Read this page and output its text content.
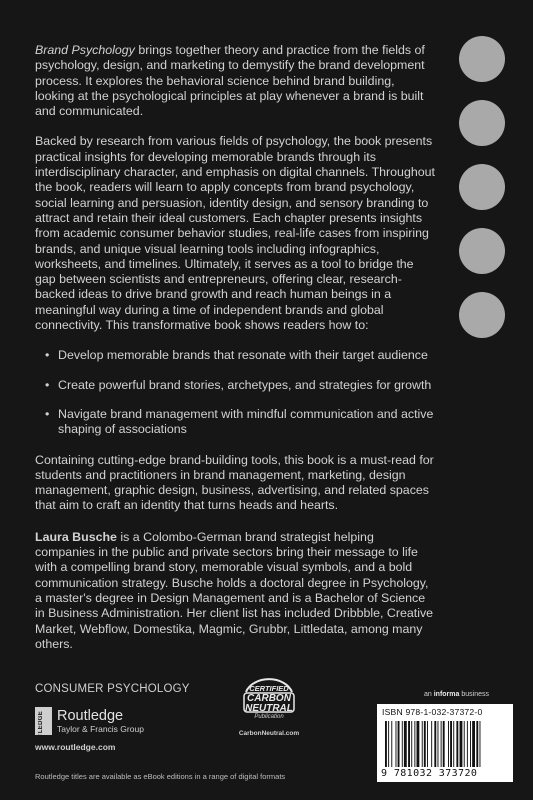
Brand Psychology brings together theory and practice from the fields of psychology, design, and marketing to demystify the brand development process. It explores the behavioral science behind brand building, looking at the psychological principles at play whenever a brand is built and communicated.

Backed by research from various fields of psychology, the book presents practical insights for developing memorable brands through its interdisciplinary character, and emphasis on digital channels. Throughout the book, readers will learn to apply concepts from brand psychology, social learning and persuasion, identity design, and sensory branding to attract and retain their ideal customers. Each chapter presents insights from academic consumer behavior studies, real-life cases from inspiring brands, and unique visual learning tools including infographics, worksheets, and timelines. Ultimately, it serves as a tool to bridge the gap between scientists and entrepreneurs, offering clear, research-backed ideas to drive brand growth and reach human beings in a meaningful way during a time of independent brands and global connectivity. This transformative book shows readers how to:

• Develop memorable brands that resonate with their target audience
• Create powerful brand stories, archetypes, and strategies for growth
• Navigate brand management with mindful communication and active shaping of associations

Containing cutting-edge brand-building tools, this book is a must-read for students and practitioners in brand management, marketing, design management, graphic design, business, advertising, and related spaces that aim to craft an identity that turns heads and hearts.

Laura Busche is a Colombo-German brand strategist helping companies in the public and private sectors bring their message to life with a compelling brand story, memorable visual symbols, and a bold communication strategy. Busche holds a doctoral degree in Psychology, a master's degree in Design Management and is a Bachelor of Science in Business Administration. Her client list has included Dribbble, Creative Market, Webflow, Domestika, Magmic, Grubbr, Littledata, among many others.

CONSUMER PSYCHOLOGY
ROUTLEDGE Routledge
Taylor & Francis Group
www.routledge.com
CERTIFIED
CARBON
NEUTRAL
Publication
CarbonNeutral.com
an informa business
ISBN 978-1-032-37372-0
9 781032 373720
Routledge titles are available as eBook editions in a range of digital formats
